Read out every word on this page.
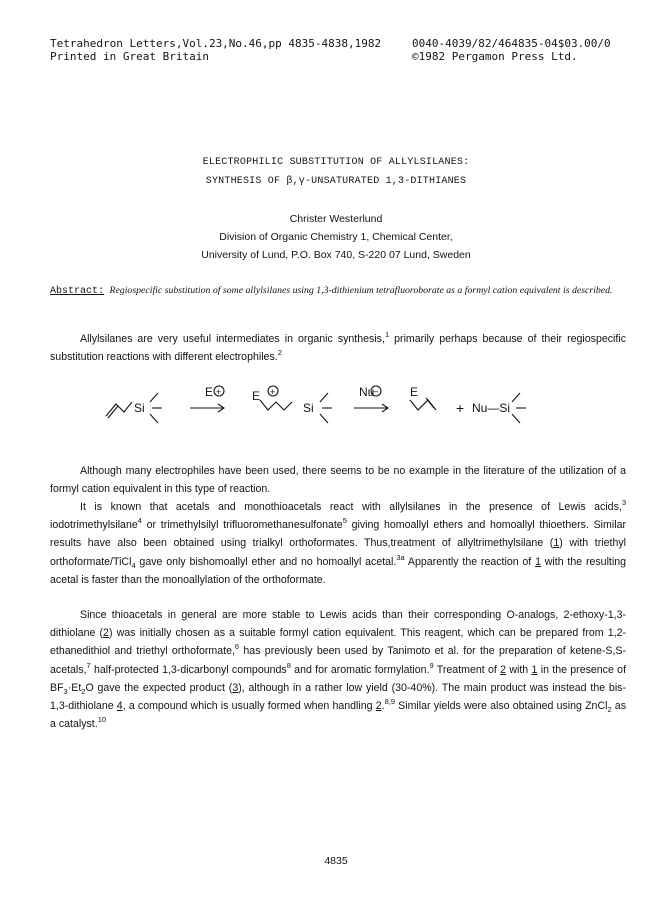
Tetrahedron Letters,Vol.23,No.46,pp 4835-4838,1982	0040-4039/82/464835-04$03.00/0
Printed in Great Britain	©1982 Pergamon Press Ltd.
ELECTROPHILIC SUBSTITUTION OF ALLYLSILANES:
SYNTHESIS OF β,γ-UNSATURATED 1,3-DITHIANES
Christer Westerlund
Division of Organic Chemistry 1, Chemical Center,
University of Lund, P.O. Box 740, S-220 07 Lund, Sweden
Abstract: Regiospecific substitution of some allylsilanes using 1,3-dithienium tetrafluoroborate as a formyl cation equivalent is described.

Allylsilanes are very useful intermediates in organic synthesis,$^1$ primarily perhaps because of their regiospecific substitution reactions with different electrophiles.$^2$

Si
E +	E +
Si
Nu
–	E
+ Nu—Si

Although many electrophiles have been used, there seems to be no example in the literature of the utilization of a formyl cation equivalent in this type of reaction.

It is known that acetals and monothioacetals react with allylsilanes in the presence of Lewis acids,$^3$ iodotrimethylsilane$^4$ or trimethylsilyl trifluoromethanesulfonate$^5$ giving homoallyl ethers and homoallyl thioethers. Similar results have also been obtained using trialkyl orthoformates. Thus,treatment of allyltrimethylsilane (1) with triethyl orthoformate/TiCl$_4$ gave only bishomoallyl ether and no homoallyl acetal.$^{3a}$ Apparently the reaction of 1 with the resulting acetal is faster than the monoallylation of the orthoformate.

Since thioacetals in general are more stable to Lewis acids than their corresponding O-analogs, 2-ethoxy-1,3-dithiolane (2) was initially chosen as a suitable formyl cation equivalent. This reagent, which can be prepared from 1,2-ethanedithiol and triethyl orthoformate,$^6$ has previously been used by Tanimoto et al. for the preparation of ketene-S,S-acetals,$^7$ half-protected 1,3-dicarbonyl compounds$^8$ and for aromatic formylation.$^9$ Treatment of 2 with 1 in the presence of $BF_3\cdot Et_2O$ gave the expected product (3), although in a rather low yield (30-40%). The main product was instead the bis-1,3-dithiolane 4, a compound which is usually formed when handling 2.$^{8,9}$ Similar yields were also obtained using ZnCl$_2$ as a catalyst.$^{10}$

4835
